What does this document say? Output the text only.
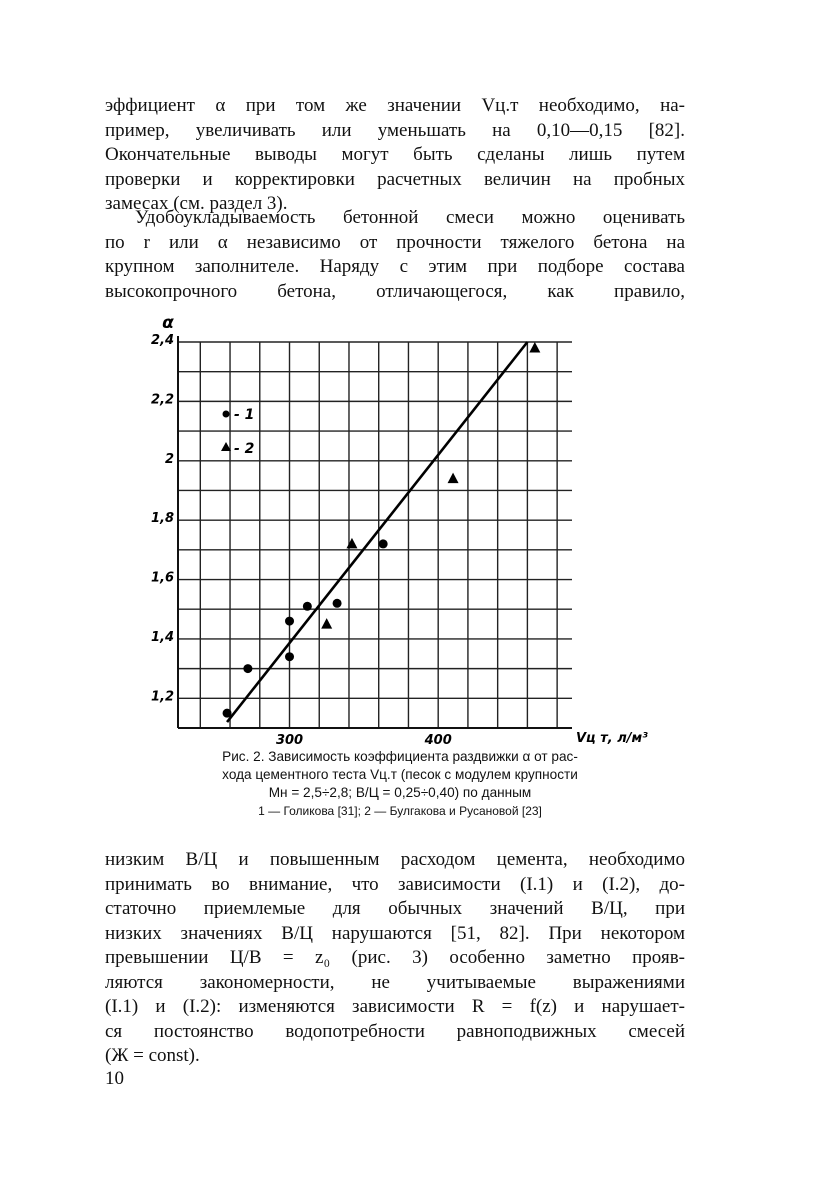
эффициент α при том же значении Vц.т необходимо, на-
пример, увеличивать или уменьшать на 0,10—0,15 [82].
Окончательные выводы могут быть сделаны лишь путем
проверки и корректировки расчетных величин на пробных
замесах (см. раздел 3).
Удобоукладываемость бетонной смеси можно оценивать
по r или α независимо от прочности тяжелого бетона на
крупном заполнителе. Наряду с этим при подборе состава
высокопрочного бетона, отличающегося, как правило,
- 1
- 2
1,2
1,4
1,6
1,8
2
2,2
2,4
300	400
α
Vц т, л/м³
Рис. 2. Зависимость коэффициента раздвижки α от рас-
хода цементного теста Vц.т (песок с модулем крупности
Mн = 2,5÷2,8; В/Ц = 0,25÷0,40) по данным
1 — Голикова [31]; 2 — Булгакова и Русановой [23]
низким В/Ц и повышенным расходом цемента, необходимо
принимать во внимание, что зависимости (I.1) и (I.2), до-
статочно приемлемые для обычных значений В/Ц, при
низких значениях В/Ц нарушаются [51, 82]. При некотором
превышении Ц/В = z₀ (рис. 3) особенно заметно прояв-
ляются закономерности, не учитываемые выражениями
(I.1) и (I.2): изменяются зависимости R = f(z) и нарушает-
ся постоянство водопотребности равноподвижных смесей
(Ж = const).
10
